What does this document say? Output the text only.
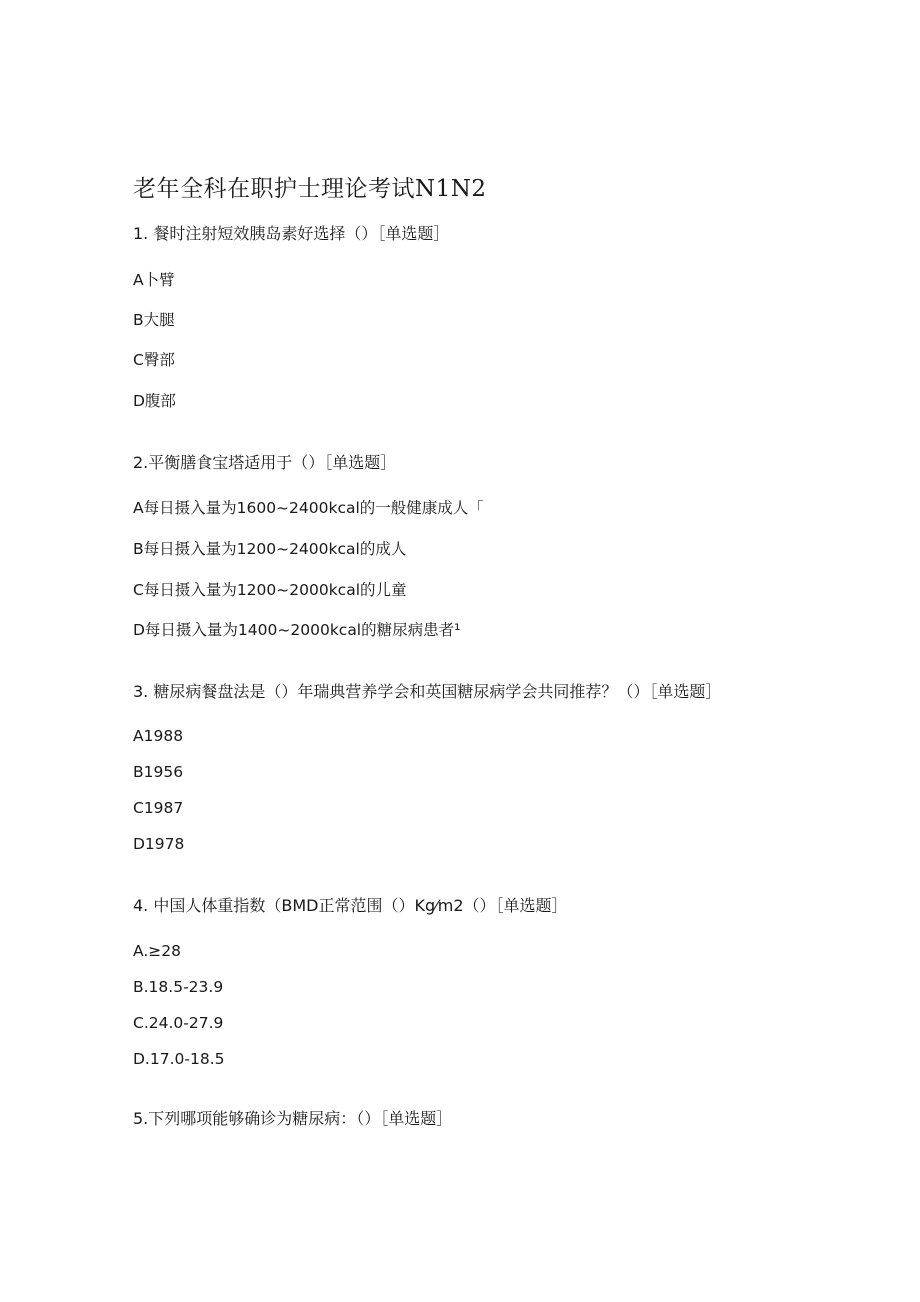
老年全科在职护士理论考试N1N2
1. 餐时注射短效胰岛素好选择（）［单选题］
A卜臂
B大腿
C臀部
D腹部
2.平衡膳食宝塔适用于（）［单选题］
A每日摄入量为1600~2400kcal的一般健康成人「
B每日摄入量为1200~2400kcal的成人
C每日摄入量为1200~2000kcal的儿童
D每日摄入量为1400~2000kcal的糖尿病患者¹
3. 糖尿病餐盘法是（）年瑞典营养学会和英国糖尿病学会共同推荐？（）［单选题］
A1988
B1956
C1987
D1978
4. 中国人体重指数（BMD正常范围（）Kg⁄m2（）［单选题］
A.≥28
B.18.5-23.9
C.24.0-27.9
D.17.0-18.5
5.下列哪项能够确诊为糖尿病：（）［单选题］
